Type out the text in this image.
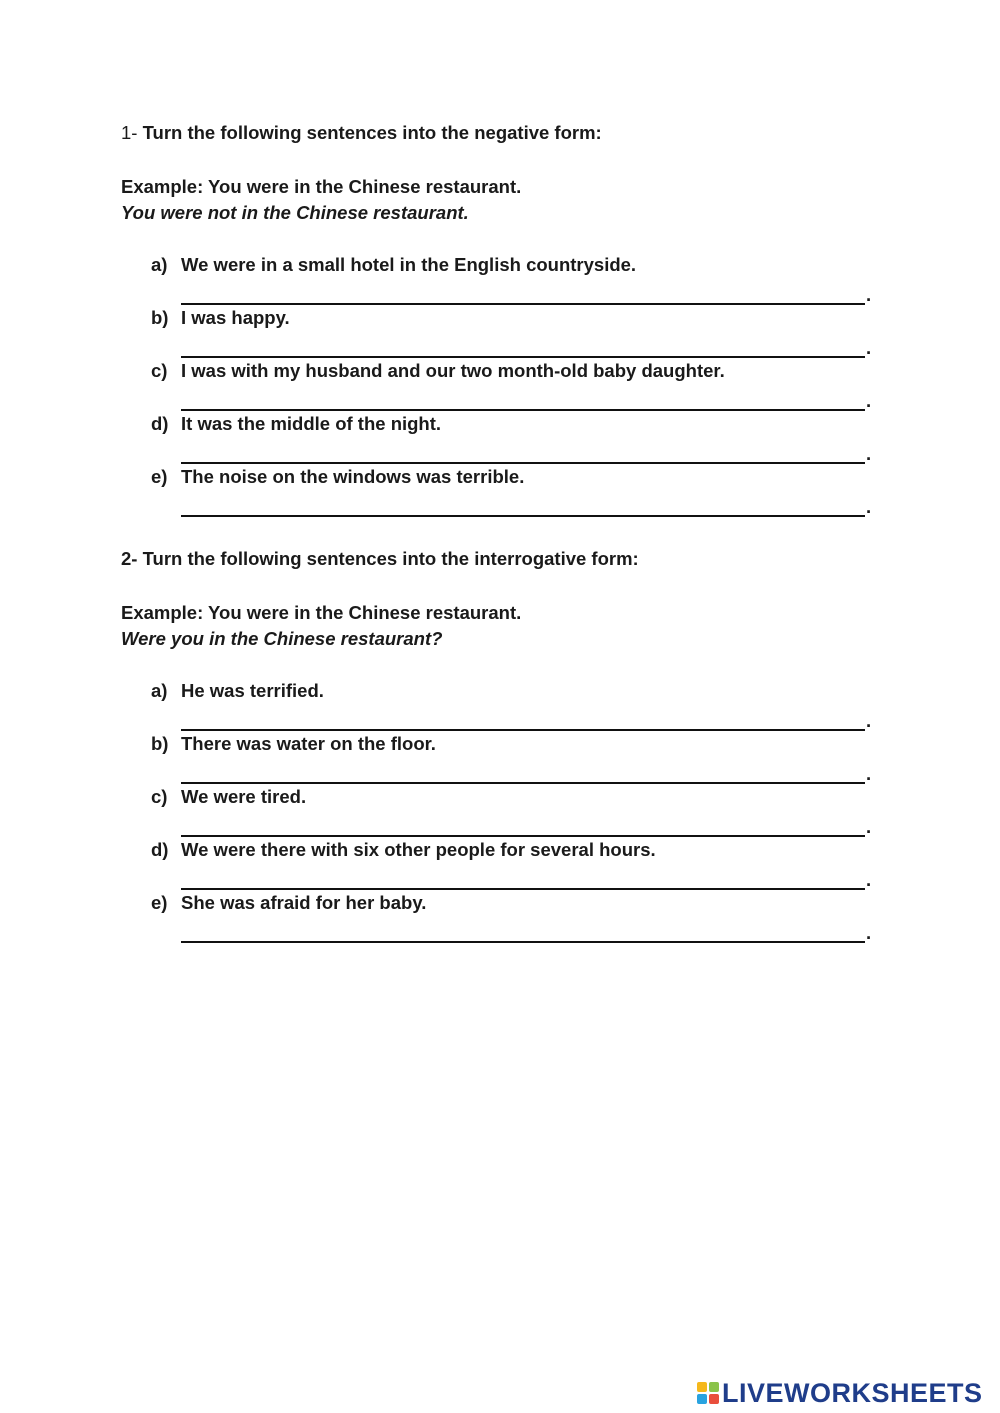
1- Turn the following sentences into the negative form:

Example: You were in the Chinese restaurant.
You were not in the Chinese restaurant.
a) We were in a small hotel in the English countryside.
.
b) I was happy.
.
c) I was with my husband and our two month-old baby daughter.
.
d) It was the middle of the night.
.
e) The noise on the windows was terrible.
.

2- Turn the following sentences into the interrogative form:

Example: You were in the Chinese restaurant.
Were you in the Chinese restaurant?
a) He was terrified.
.
b) There was water on the floor.
.
c) We were tired.
.
d) We were there with six other people for several hours.
.
e) She was afraid for her baby.
.
LIVEWORKSHEETS
